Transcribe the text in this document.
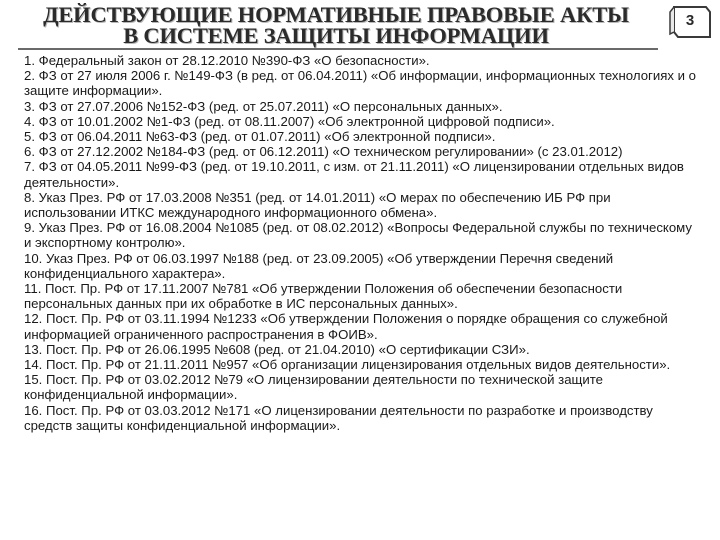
ДЕЙСТВУЮЩИЕ НОРМАТИВНЫЕ ПРАВОВЫЕ АКТЫ
В СИСТЕМЕ ЗАЩИТЫ ИНФОРМАЦИИ
3
1. Федеральный закон от 28.12.2010 №390-ФЗ «О безопасности».
2. ФЗ от 27 июля 2006 г. №149-ФЗ (в ред. от 06.04.2011) «Об информации, информационных технологиях и о защите информации».
3. ФЗ от 27.07.2006 №152-ФЗ (ред. от 25.07.2011) «О персональных данных».
4. ФЗ от 10.01.2002 №1-ФЗ (ред. от 08.11.2007) «Об электронной цифровой подписи».
5. ФЗ от 06.04.2011 №63-ФЗ (ред. от 01.07.2011) «Об электронной подписи».
6. ФЗ от 27.12.2002 №184-ФЗ (ред. от 06.12.2011) «О техническом регулировании» (с 23.01.2012)
7. ФЗ от 04.05.2011 №99-ФЗ (ред. от 19.10.2011, с изм. от 21.11.2011) «О лицензировании отдельных видов деятельности».
8. Указ През. РФ от 17.03.2008 №351 (ред. от 14.01.2011) «О мерах по обеспечению ИБ РФ при использовании ИТКС международного информационного обмена».
9. Указ През. РФ от 16.08.2004 №1085 (ред. от 08.02.2012) «Вопросы Федеральной службы по техническому и экспортному контролю».
10. Указ През. РФ от 06.03.1997 №188 (ред. от 23.09.2005) «Об утверждении Перечня сведений конфиденциального характера».
11. Пост. Пр. РФ от 17.11.2007 №781 «Об утверждении Положения об обеспечении безопасности персональных данных при их обработке в ИС персональных данных».
12. Пост. Пр. РФ от 03.11.1994 №1233 «Об утверждении Положения о порядке обращения со служебной информацией ограниченного распространения в ФОИВ».
13. Пост. Пр. РФ от 26.06.1995 №608 (ред. от 21.04.2010) «О сертификации СЗИ».
14. Пост. Пр. РФ от 21.11.2011 №957 «Об организации лицензирования отдельных видов деятельности».
15. Пост. Пр. РФ от 03.02.2012 №79 «О лицензировании деятельности по технической защите конфиденциальной информации».
16. Пост. Пр. РФ от 03.03.2012 №171 «О лицензировании деятельности по разработке и производству средств защиты конфиденциальной информации».
